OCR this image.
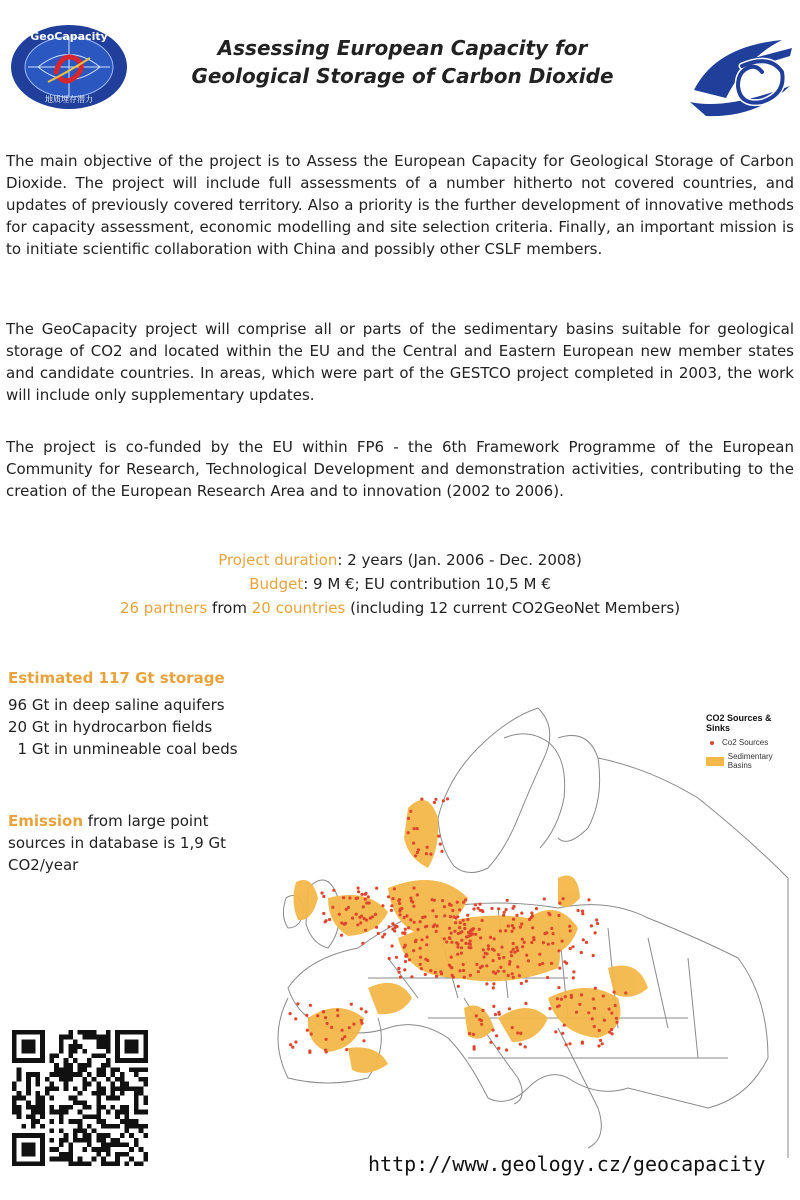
GeoCapacity
地质埋存潜力
Assessing European Capacity for
Geological Storage of Carbon Dioxide

The main objective of the project is to Assess the European Capacity for Geological Storage of Carbon Dioxide. The project will include full assessments of a number hitherto not covered countries, and updates of previously covered territory. Also a priority is the further development of innovative methods for capacity assessment, economic modelling and site selection criteria. Finally, an important mission is to initiate scientific collaboration with China and possibly other CSLF members.

The GeoCapacity project will comprise all or parts of the sedimentary basins suitable for geological storage of CO2 and located within the EU and the Central and Eastern European new member states and candidate countries. In areas, which were part of the GESTCO project completed in 2003, the work will include only supplementary updates.

The project is co-funded by the EU within FP6 - the 6th Framework Programme of the European Community for Research, Technological Development and demonstration activities, contributing to the creation of the European Research Area and to innovation (2002 to 2006).

Project duration: 2 years (Jan. 2006 - Dec. 2008)
Budget: 9 M €; EU contribution 10,5 M €
26 partners from 20 countries (including 12 current CO2GeoNet Members)
Estimated 117 Gt storage
96 Gt in deep saline aquifers
20 Gt in hydrocarbon fields
1 Gt in unmineable coal beds
Emission from large point sources in database is 1,9 Gt CO2/year
CO2 Sources & Sinks
Co2 Sources
Sedimentary Basins
http://www.geology.cz/geocapacity
